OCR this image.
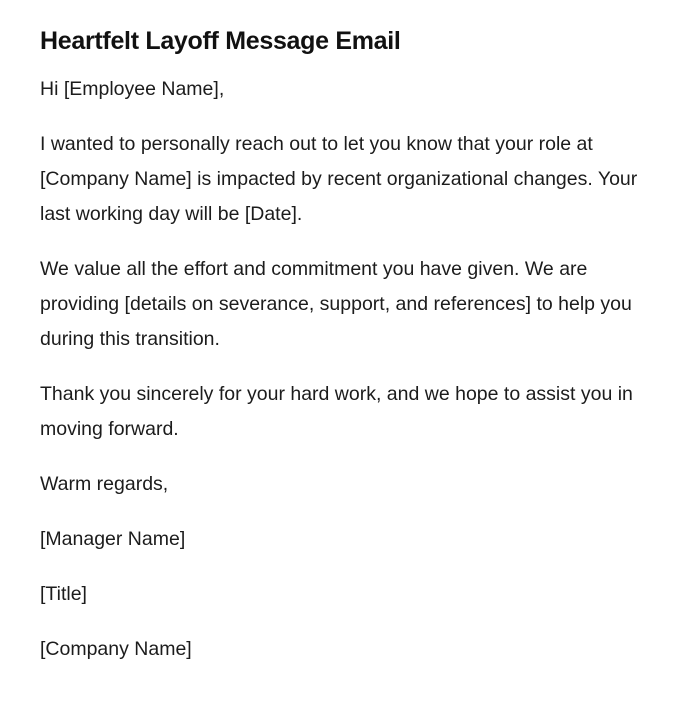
Heartfelt Layoff Message Email

Hi [Employee Name],

I wanted to personally reach out to let you know that your role at [Company Name] is impacted by recent organizational changes. Your last working day will be [Date].

We value all the effort and commitment you have given. We are providing [details on severance, support, and references] to help you during this transition.

Thank you sincerely for your hard work, and we hope to assist you in moving forward.

Warm regards,

[Manager Name]

[Title]

[Company Name]
